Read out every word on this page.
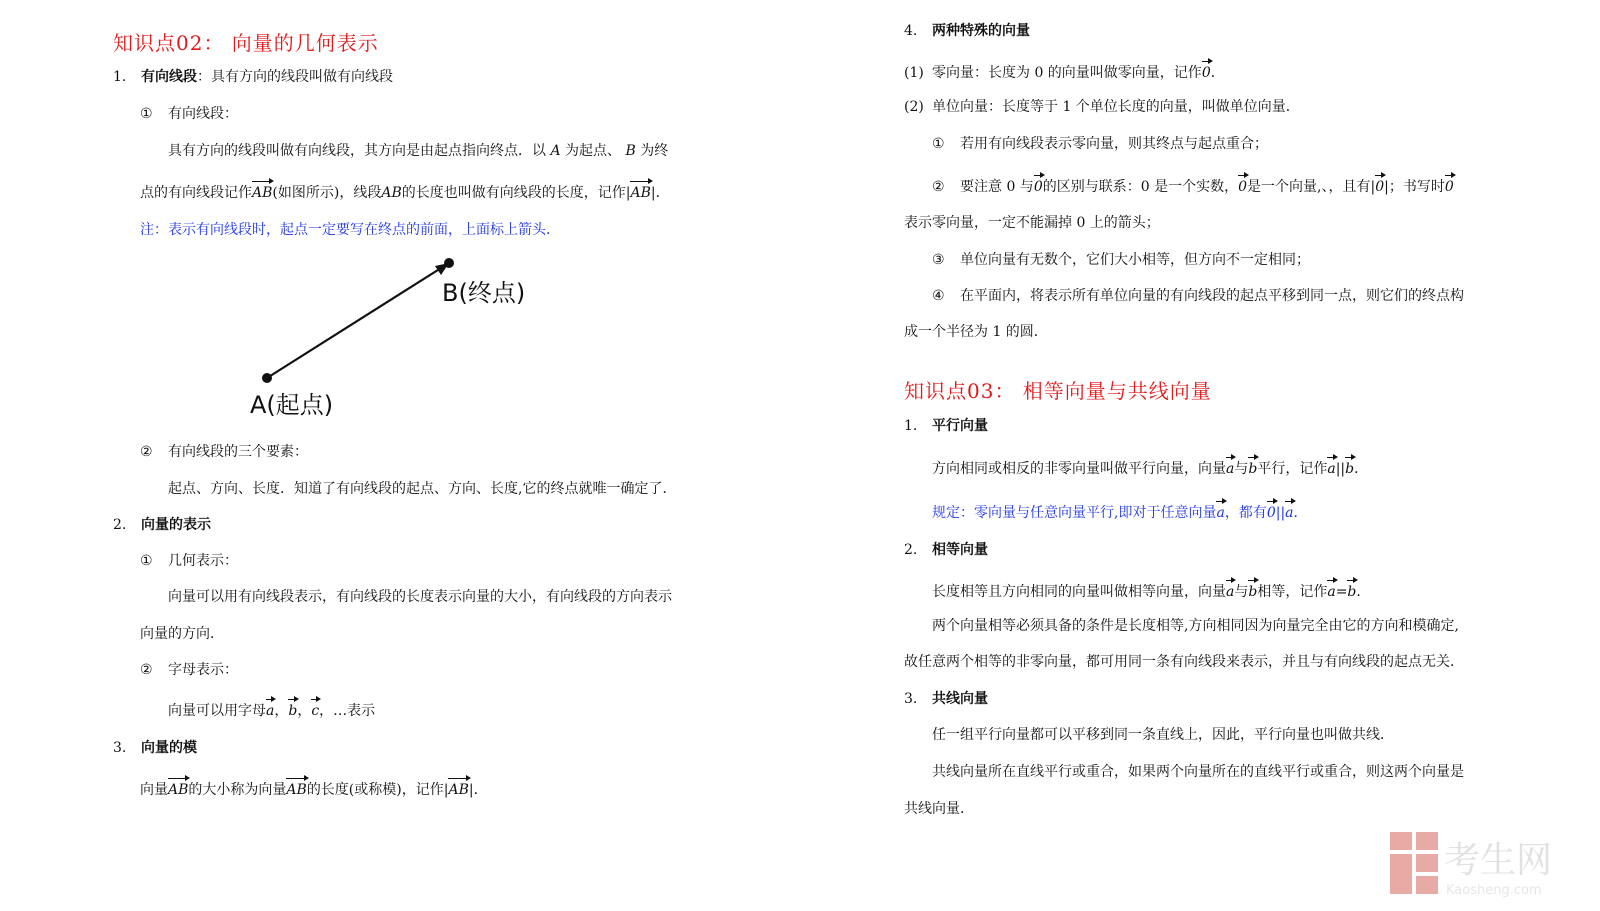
知识点02： 向量的几何表示
1. 有向线段：具有方向的线段叫做有向线段
① 有向线段：
具有方向的线段叫做有向线段，其方向是由起点指向终点．以 A 为起点、 B 为终
点的有向线段记作AB(如图所示)，线段AB的长度也叫做有向线段的长度，记作|AB|．
注：表示有向线段时，起点一定要写在终点的前面，上面标上箭头．
B(终点)
A(起点)
② 有向线段的三个要素：
起点、方向、长度．知道了有向线段的起点、方向、长度,它的终点就唯一确定了．
2. 向量的表示
① 几何表示：
向量可以用有向线段表示，有向线段的长度表示向量的大小，有向线段的方向表示
向量的方向．
② 字母表示：
向量可以用字母a，b，c，…表示
3. 向量的模
向量AB的大小称为向量AB的长度(或称模)，记作|AB|．
4. 两种特殊的向量
(1) 零向量：长度为 0 的向量叫做零向量，记作0．
(2) 单位向量：长度等于 1 个单位长度的向量，叫做单位向量．
① 若用有向线段表示零向量，则其终点与起点重合；
② 要注意 0 与0的区别与联系：0 是一个实数，0是一个向量,、，且有|0|；书写时0
表示零向量，一定不能漏掉 0 上的箭头；
③ 单位向量有无数个，它们大小相等，但方向不一定相同；
④ 在平面内，将表示所有单位向量的有向线段的起点平移到同一点，则它们的终点构
成一个半径为 1 的圆．
知识点03： 相等向量与共线向量
1. 平行向量
方向相同或相反的非零向量叫做平行向量，向量a与b平行，记作a||b．
规定：零向量与任意向量平行,即对于任意向量a，都有0||a．
2. 相等向量
长度相等且方向相同的向量叫做相等向量，向量a与b相等，记作a=b．
两个向量相等必须具备的条件是长度相等,方向相同因为向量完全由它的方向和模确定,
故任意两个相等的非零向量，都可用同一条有向线段来表示，并且与有向线段的起点无关．
3. 共线向量
任一组平行向量都可以平移到同一条直线上，因此，平行向量也叫做共线．
共线向量所在直线平行或重合，如果两个向量所在的直线平行或重合，则这两个向量是
共线向量．
考生网
Kaosheng.com
